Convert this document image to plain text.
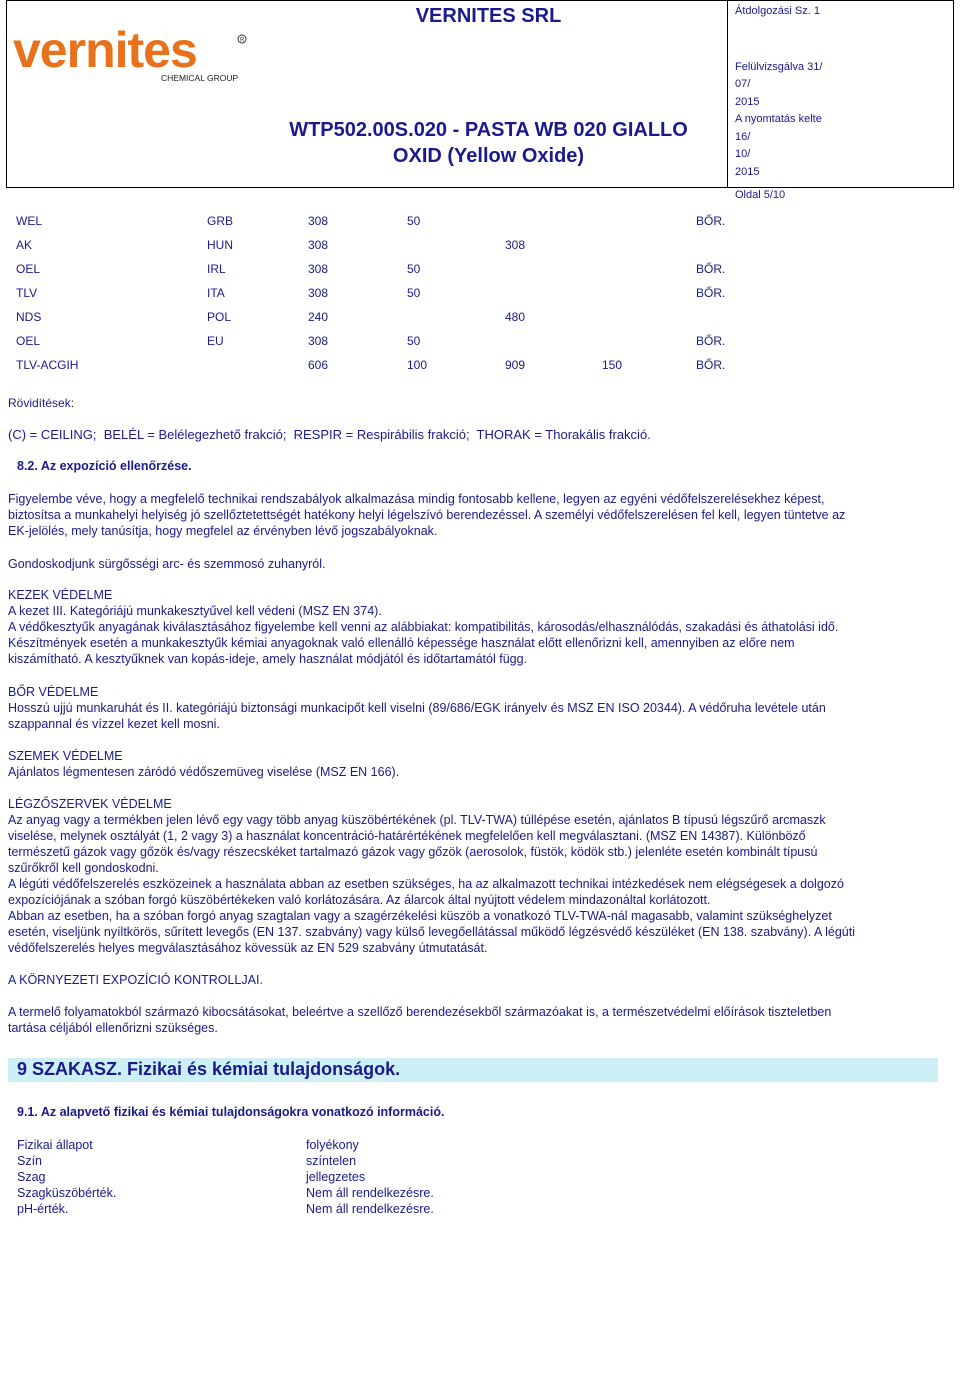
vernites	R
CHEMICAL GROUP
VERNITES SRL
WTP502.00S.020 - PASTA WB 020 GIALLO
OXID (Yellow Oxide)
Átdolgozási Sz. 1
Felülvizsgálva 31/
07/
2015
A nyomtatás kelte 16/
10/
2015
Oldal 5/10
WEL	GRB	308	50			BŐR.
AK	HUN	308		308		
OEL	IRL	308	50			BŐR.
TLV	ITA	308	50			BŐR.
NDS	POL	240		480		
OEL	EU	308	50			BŐR.
TLV-ACGIH		606	100	909	150	BŐR.
Rövidítések:
(C) = CEILING;  BELÉL = Belélegezhető frakció;  RESPIR = Respirábilis frakció;  THORAK = Thorakális frakció.
8.2. Az expozíció ellenőrzése.
Figyelembe véve, hogy a megfelelő technikai rendszabályok alkalmazása mindig fontosabb kellene, legyen az egyéni védőfelszerelésekhez képest,
biztosítsa a munkahelyi helyiség jó szellőztetettségét hatékony helyi légelszívó berendezéssel. A személyi védőfelszerelésen fel kell, legyen tüntetve az
EK-jelölés, mely tanúsítja, hogy megfelel az érvényben lévő jogszabályoknak.
Gondoskodjunk sürgősségi arc- és szemmosó zuhanyról.
KEZEK VÉDELME
A kezet III. Kategóriájú munkakesztyűvel kell védeni (MSZ EN 374).
A védőkesztyűk anyagának kiválasztásához figyelembe kell venni az alábbiakat: kompatibilitás, károsodás/elhasználódás, szakadási és áthatolási idő.
Készítmények esetén a munkakesztyűk kémiai anyagoknak való ellenálló képessége használat előtt ellenőrizni kell, amennyiben az előre nem
kiszámítható. A kesztyűknek van kopás-ideje, amely használat módjától és időtartamától függ.
BŐR VÉDELME
Hosszú ujjú munkaruhát és II. kategóriájú biztonsági munkacipőt kell viselni (89/686/EGK irányelv és MSZ EN ISO 20344). A védőruha levétele után
szappannal és vízzel kezet kell mosni.
SZEMEK VÉDELME
Ajánlatos légmentesen záródó védőszemüveg viselése (MSZ EN 166).
LÉGZŐSZERVEK VÉDELME
Az anyag vagy a termékben jelen lévő egy vagy több anyag küszöbértékének (pl. TLV-TWA) túllépése esetén, ajánlatos B típusú légszűrő arcmaszk
viselése, melynek osztályát (1, 2 vagy 3) a használat koncentráció-határértékének megfelelően kell megválasztani. (MSZ EN 14387). Különböző
természetű gázok vagy gőzök és/vagy részecskéket tartalmazó gázok vagy gőzök (aerosolok, füstök, ködök stb.) jelenléte esetén kombinált típusú
szűrőkről kell gondoskodni.
A légúti védőfelszerelés eszközeinek a használata abban az esetben szükséges, ha az alkalmazott technikai intézkedések nem elégségesek a dolgozó
expozíciójának a szóban forgó küszöbértékeken való korlátozására. Az álarcok által nyújtott védelem mindazonáltal korlátozott.
Abban az esetben, ha a szóban forgó anyag szagtalan vagy a szagérzékelési küszöb a vonatkozó TLV-TWA-nál magasabb, valamint szükséghelyzet
esetén, viseljünk nyíltkörös, sűrített levegős (EN 137. szabvány) vagy külső levegőellátással működő légzésvédő készüléket (EN 138. szabvány). A légúti
védőfelszerelés helyes megválasztásához kövessük az EN 529 szabvány útmutatását.
A KÖRNYEZETI EXPOZÍCIÓ KONTROLLJAI.
A termelő folyamatokból származó kibocsátásokat, beleértve a szellőző berendezésekből származóakat is, a természetvédelmi előírások tiszteletben
tartása céljából ellenőrizni szükséges.
9 SZAKASZ. Fizikai és kémiai tulajdonságok.
9.1. Az alapvető fizikai és kémiai tulajdonságokra vonatkozó információ.
Fizikai állapot	folyékony
Szín	színtelen
Szag	jellegzetes
Szagküszöbérték.	Nem áll rendelkezésre.
pH-érték.	Nem áll rendelkezésre.
